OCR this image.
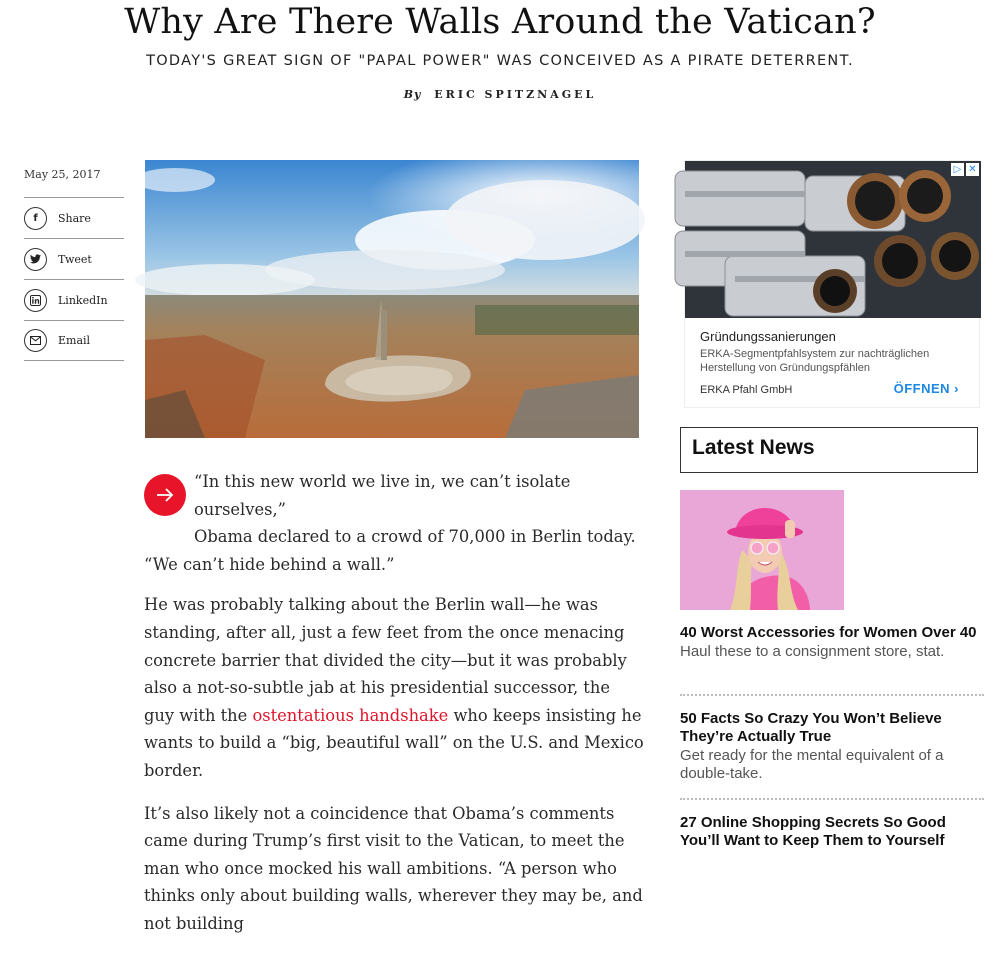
Why Are There Walls Around the Vatican?
TODAY'S GREAT SIGN OF "PAPAL POWER" WAS CONCEIVED AS A PIRATE DETERRENT.
By ERIC SPITZNAGEL
May 25, 2017
f	Share
Tweet
LinkedIn
Email
“In this new world we live in, we can’t isolate ourselves,”
Obama declared to a crowd of 70,000 in Berlin today.
“We can’t hide behind a wall.”

He was probably talking about the Berlin wall—he was standing, after all, just a few feet from the once menacing concrete barrier that divided the city—but it was probably also a not-so-subtle jab at his presidential successor, the guy with the ostentatious handshake who keeps insisting he wants to build a “big, beautiful wall” on the U.S. and Mexico border.

It’s also likely not a coincidence that Obama’s comments came during Trump’s first visit to the Vatican, to meet the man who once mocked his wall ambitions. “A person who thinks only about building walls, wherever they may be, and not building

▷ ✕
Gründungssanierungen
ERKA-Segmentpfahlsystem zur nachträglichen Herstellung von Gründungspfählen
ERKA Pfahl GmbH	ÖFFNEN ›
Latest News
40 Worst Accessories for Women Over 40
Haul these to a consignment store, stat.
50 Facts So Crazy You Won’t Believe They’re Actually True
Get ready for the mental equivalent of a double-take.
27 Online Shopping Secrets So Good You’ll Want to Keep Them to Yourself
